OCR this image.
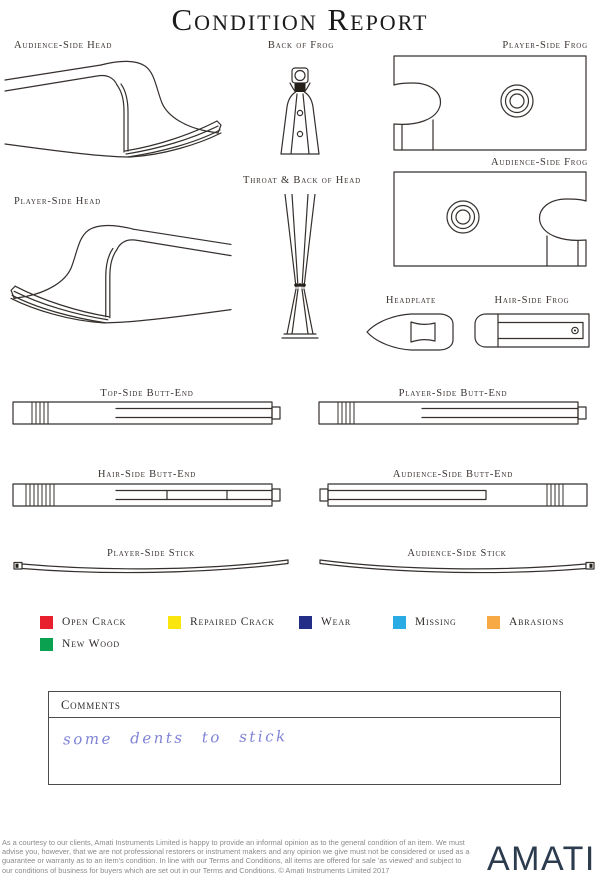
Condition Report
Audience-Side Head	Back of Frog	Player-Side Frog
Audience-Side Frog
Player-Side Head
Throat & Back of Head
Headplate	Hair-Side Frog
Top-Side Butt-End	Player-Side Butt-End
Hair-Side Butt-End	Audience-Side Butt-End
Player-Side Stick	Audience-Side Stick
Open Crack	Repaired Crack	Wear	Missing	Abrasions
New Wood
Comments
some dents to stick
As a courtesy to our clients, Amati Instruments Limited is happy to provide an informal opinion as to the general condition of an item. We must advise you, however, that we are not professional restorers or instrument makers and any opinion we give must not be considered or used as a guarantee or warranty as to an item's condition. In line with our Terms and Conditions, all items are offered for sale 'as viewed' and subject to our conditions of business for buyers which are set out in our Terms and Conditions. © Amati Instruments Limited 2017	AMATI
